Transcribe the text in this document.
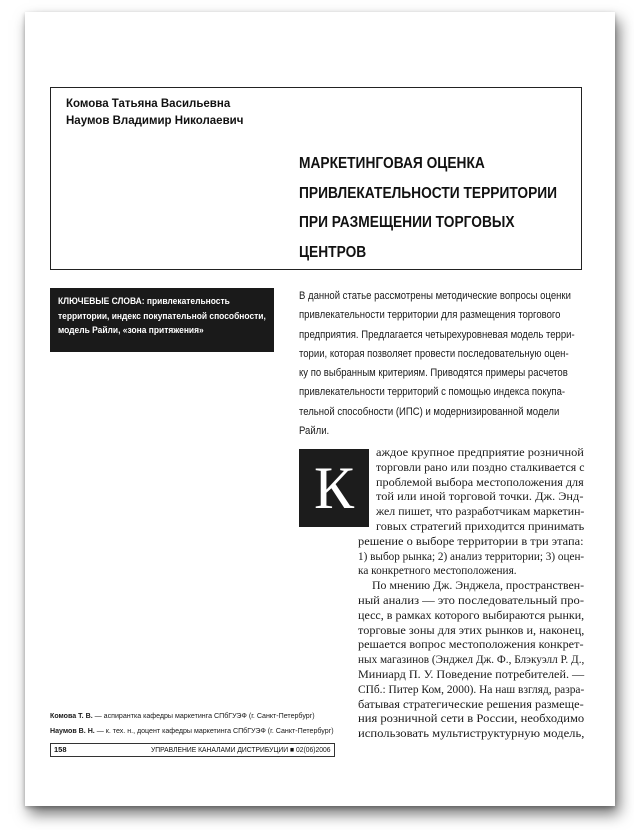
Комова Татьяна Васильевна
Наумов Владимир Николаевич
МАРКЕТИНГОВАЯ ОЦЕНКА
ПРИВЛЕКАТЕЛЬНОСТИ ТЕРРИТОРИИ
ПРИ РАЗМЕЩЕНИИ ТОРГОВЫХ
ЦЕНТРОВ
КЛЮЧЕВЫЕ СЛОВА: привлекательность
территории, индекс покупательной способности,
модель Райли, «зона притяжения»
В данной статье рассмотрены методические вопросы оценки
привлекательности территории для размещения торгового
предприятия. Предлагается четырехуровневая модель терри-
тории, которая позволяет провести последовательную оцен-
ку по выбранным критериям. Приводятся примеры расчетов
привлекательности территорий с помощью индекса покупа-
тельной способности (ИПС) и модернизированной модели
Райли.
К
аждое крупное предприятие розничной
торговли рано или поздно сталкивается с
проблемой выбора местоположения для
той или иной торговой точки. Дж. Энд-
жел пишет, что разработчикам маркетин-
говых стратегий приходится принимать
решение о выборе территории в три этапа:
1) выбор рынка; 2) анализ территории; 3) оцен-
ка конкретного местоположения.
По мнению Дж. Энджела, пространствен-
ный анализ — это последовательный про-
цесс, в рамках которого выбираются рынки,
торговые зоны для этих рынков и, наконец,
решается вопрос местоположения конкрет-
ных магазинов (Энджел Дж. Ф., Блэкуэлл Р. Д.,
Миниард П. У. Поведение потребителей. —
СПб.: Питер Ком, 2000). На наш взгляд, разра-
батывая стратегические решения размеще-
ния розничной сети в России, необходимо
использовать мультиструктурную модель,
Комова Т. В. — аспирантка кафедры маркетинга СПбГУЭФ (г. Санкт-Петербург)
Наумов В. Н. — к. тех. н., доцент кафедры маркетинга СПбГУЭФ (г. Санкт-Петербург)
158	УПРАВЛЕНИЕ КАНАЛАМИ ДИСТРИБУЦИИ ■ 02(06)2006
